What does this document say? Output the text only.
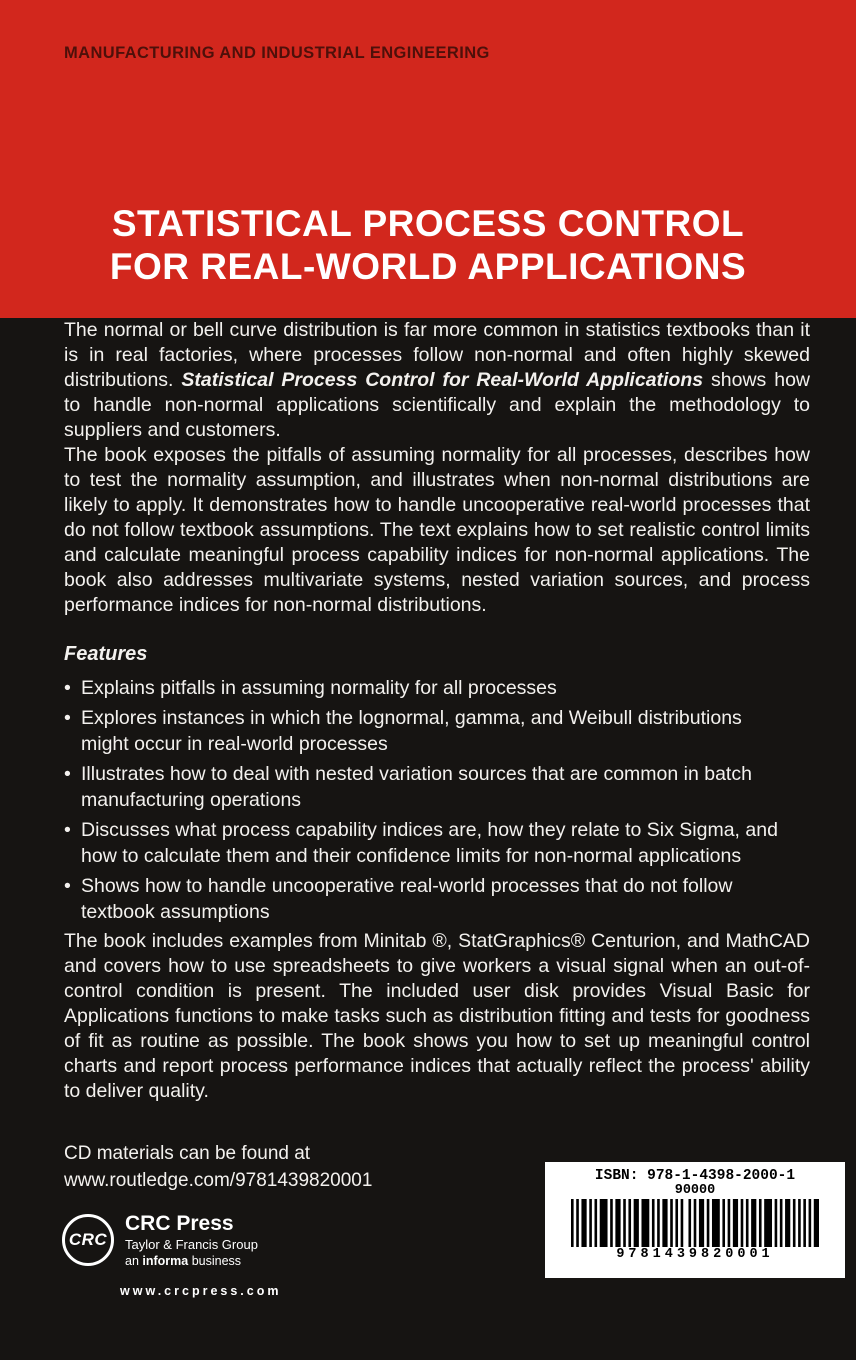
MANUFACTURING AND INDUSTRIAL ENGINEERING
STATISTICAL PROCESS CONTROL
FOR REAL-WORLD APPLICATIONS

The normal or bell curve distribution is far more common in statistics textbooks than it is in real factories, where processes follow non-normal and often highly skewed distributions. Statistical Process Control for Real-World Applications shows how to handle non-normal applications scientifically and explain the methodology to suppliers and customers.

The book exposes the pitfalls of assuming normality for all processes, describes how to test the normality assumption, and illustrates when non-normal distributions are likely to apply. It demonstrates how to handle uncooperative real-world processes that do not follow textbook assumptions. The text explains how to set realistic control limits and calculate meaningful process capability indices for non-normal applications. The book also addresses multivariate systems, nested variation sources, and process performance indices for non-normal distributions.

Features
• Explains pitfalls in assuming normality for all processes
• Explores instances in which the lognormal, gamma, and Weibull distributions might occur in real-world processes
• Illustrates how to deal with nested variation sources that are common in batch manufacturing operations
• Discusses what process capability indices are, how they relate to Six Sigma, and how to calculate them and their confidence limits for non-normal applications
• Shows how to handle uncooperative real-world processes that do not follow textbook assumptions

The book includes examples from Minitab ®, StatGraphics® Centurion, and MathCAD and covers how to use spreadsheets to give workers a visual signal when an out-of-control condition is present. The included user disk provides Visual Basic for Applications functions to make tasks such as distribution fitting and tests for goodness of fit as routine as possible. The book shows you how to set up meaningful control charts and report process performance indices that actually reflect the process' ability to deliver quality.

CD materials can be found at
www.routledge.com/9781439820001
CRC
CRC Press
Taylor & Francis Group
an informa business
www.crcpress.com
ISBN: 978-1-4398-2000-1
90000
9781439820001
